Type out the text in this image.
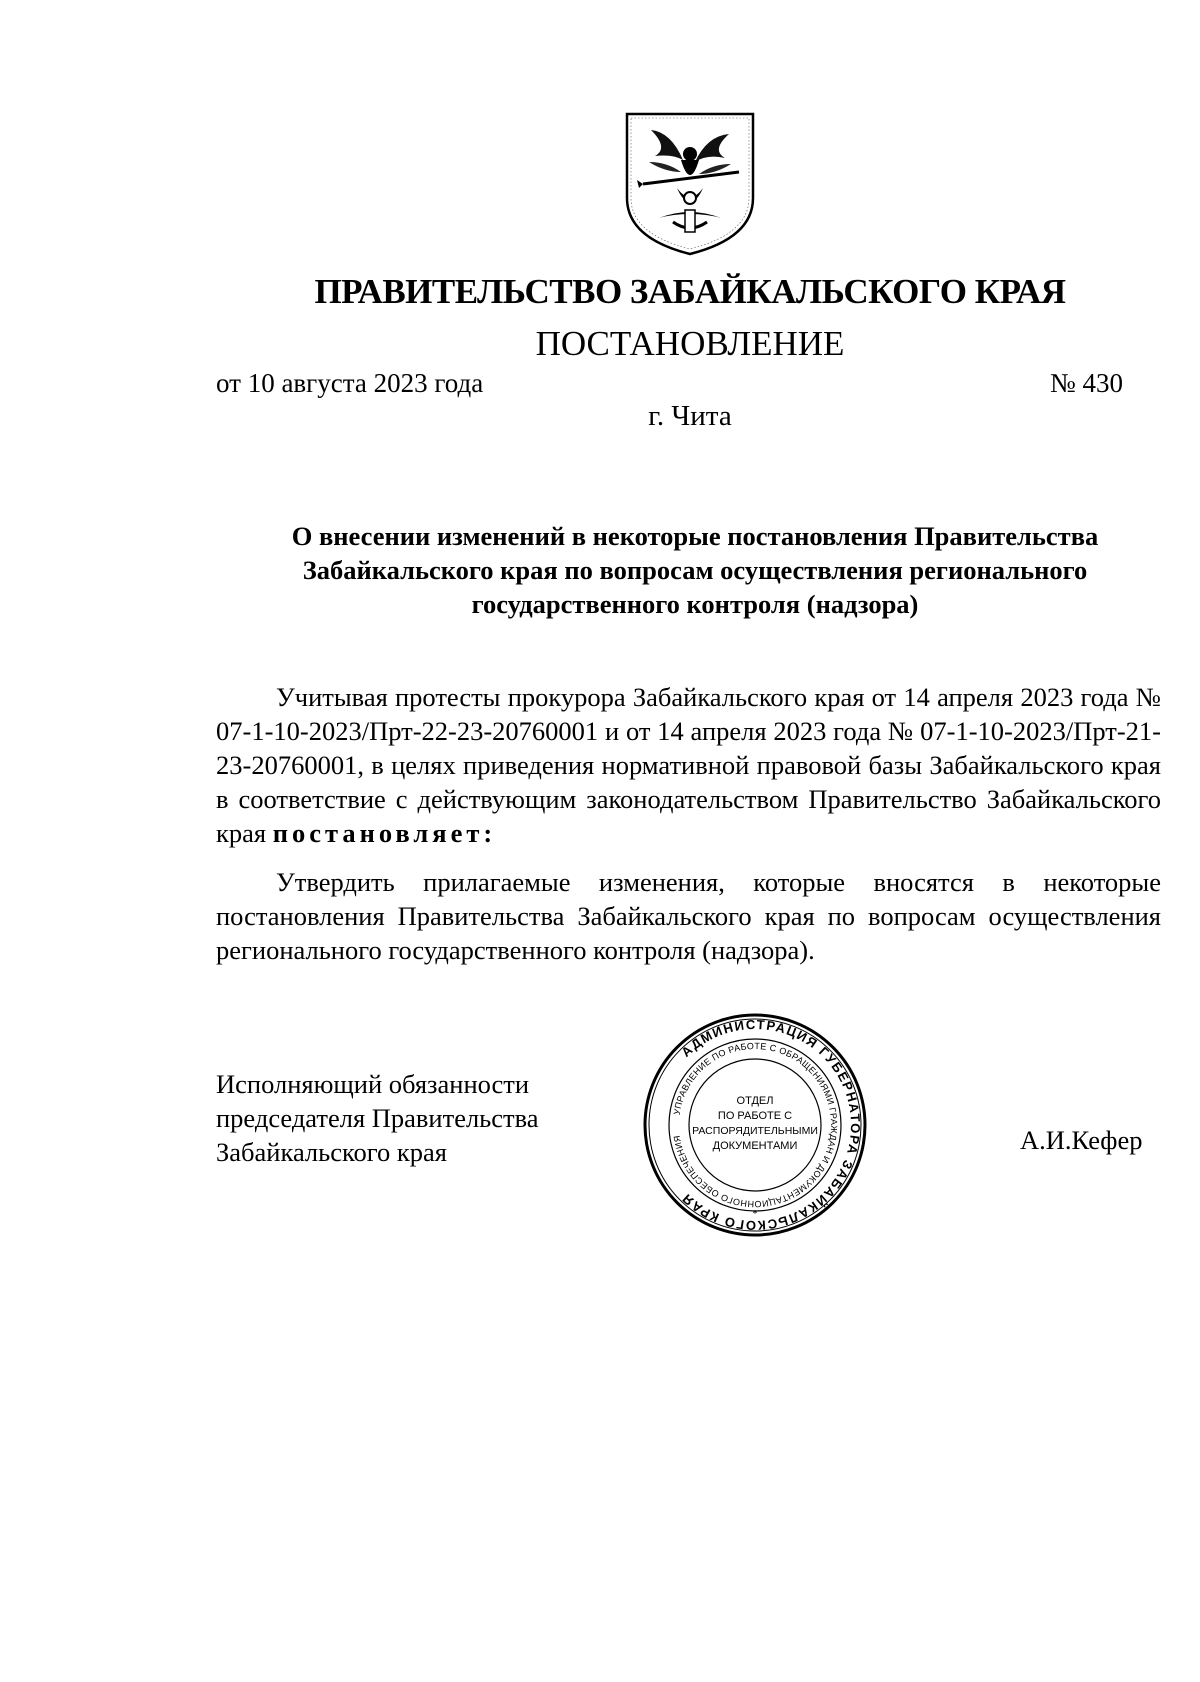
ПРАВИТЕЛЬСТВО ЗАБАЙКАЛЬСКОГО КРАЯ
ПОСТАНОВЛЕНИЕ
от 10 августа 2023 года	№ 430
г. Чита
О внесении изменений в некоторые постановления Правительства
Забайкальского края по вопросам осуществления регионального
государственного контроля (надзора)

Учитывая протесты прокурора Забайкальского края от 14 апреля 2023 года № 07-1-10-2023/Прт-22-23-20760001 и от 14 апреля 2023 года № 07-1-10-2023/Прт-21-23-20760001, в целях приведения нормативной правовой базы Забайкальского края в соответствие с действующим законодательством Правительство Забайкальского края постановляет:

Утвердить прилагаемые изменения, которые вносятся в некоторые постановления Правительства Забайкальского края по вопросам осуществления регионального государственного контроля (надзора).

Исполняющий обязанности
председателя Правительства
Забайкальского края	А.И.Кефер
АДМИНИСТРАЦИЯ ГУБЕРНАТОРА ЗАБАЙКАЛЬСКОГО КРАЯ
УПРАВЛЕНИЕ ПО РАБОТЕ С ОБРАЩЕНИЯМИ ГРАЖДАН И ДОКУМЕНТАЦИОННОГО ОБЕСПЕЧЕНИЯ
ОТДЕЛ
ПО РАБОТЕ С
РАСПОРЯДИТЕЛЬНЫМИ
ДОКУМЕНТАМИ
*
